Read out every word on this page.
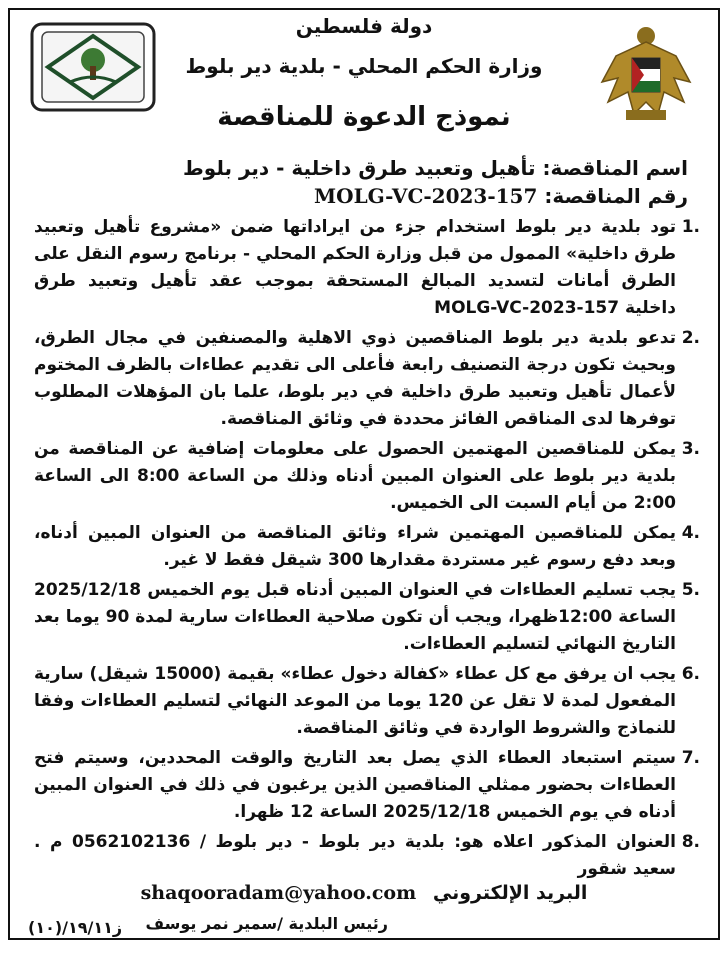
دولة فلسطين
وزارة الحكم المحلي - بلدية دير بلوط
نموذج الدعوة للمناقصة
اسم المناقصة: تأهيل وتعبيد طرق داخلية - دير بلوط
رقم المناقصة: MOLG-VC-2023-157
.1
تود بلدية دير بلوط استخدام جزء من ايراداتها ضمن «مشروع تأهيل وتعبيد طرق داخلية» الممول من قبل وزارة الحكم المحلي - برنامج رسوم النقل على الطرق أمانات لتسديد المبالغ المستحقة بموجب عقد تأهيل وتعبيد طرق داخلية MOLG-VC-2023-157
.2
تدعو بلدية دير بلوط المناقصين ذوي الاهلية والمصنفين في مجال الطرق، وبحيث تكون درجة التصنيف رابعة فأعلى الى تقديم عطاءات بالظرف المختوم لأعمال تأهيل وتعبيد طرق داخلية في دير بلوط، علما بان المؤهلات المطلوب توفرها لدى المناقص الفائز محددة في وثائق المناقصة.
.3
يمكن للمناقصين المهتمين الحصول على معلومات إضافية عن المناقصة من بلدية دير بلوط على العنوان المبين أدناه وذلك من الساعة 8:00 الى الساعة 2:00 من أيام السبت الى الخميس.
.4
يمكن للمناقصين المهتمين شراء وثائق المناقصة من العنوان المبين أدناه، وبعد دفع رسوم غير مستردة مقدارها 300 شيقل فقط لا غير.
.5
يجب تسليم العطاءات في العنوان المبين أدناه قبل يوم الخميس 2025/12/18 الساعة 12:00ظهرا، ويجب أن تكون صلاحية العطاءات سارية لمدة 90 يوما بعد التاريخ النهائي لتسليم العطاءات.
.6
يجب ان يرفق مع كل عطاء «كفالة دخول عطاء» بقيمة (15000 شيقل) سارية المفعول لمدة لا تقل عن 120 يوما من الموعد النهائي لتسليم العطاءات وفقا للنماذج والشروط الواردة في وثائق المناقصة.
.7
سيتم استبعاد العطاء الذي يصل بعد التاريخ والوقت المحددين، وسيتم فتح العطاءات بحضور ممثلي المناقصين الذين يرغبون في ذلك في العنوان المبين أدناه في يوم الخميس 2025/12/18 الساعة 12 ظهرا.
.8
العنوان المذكور اعلاه هو: بلدية دير بلوط - دير بلوط / 0562102136 م . سعيد شقور
البريد الإلكتروني shaqooradam@yahoo.com
رئيس البلدية /سمير نمر يوسف
ز١٩/١١/(١٠)
